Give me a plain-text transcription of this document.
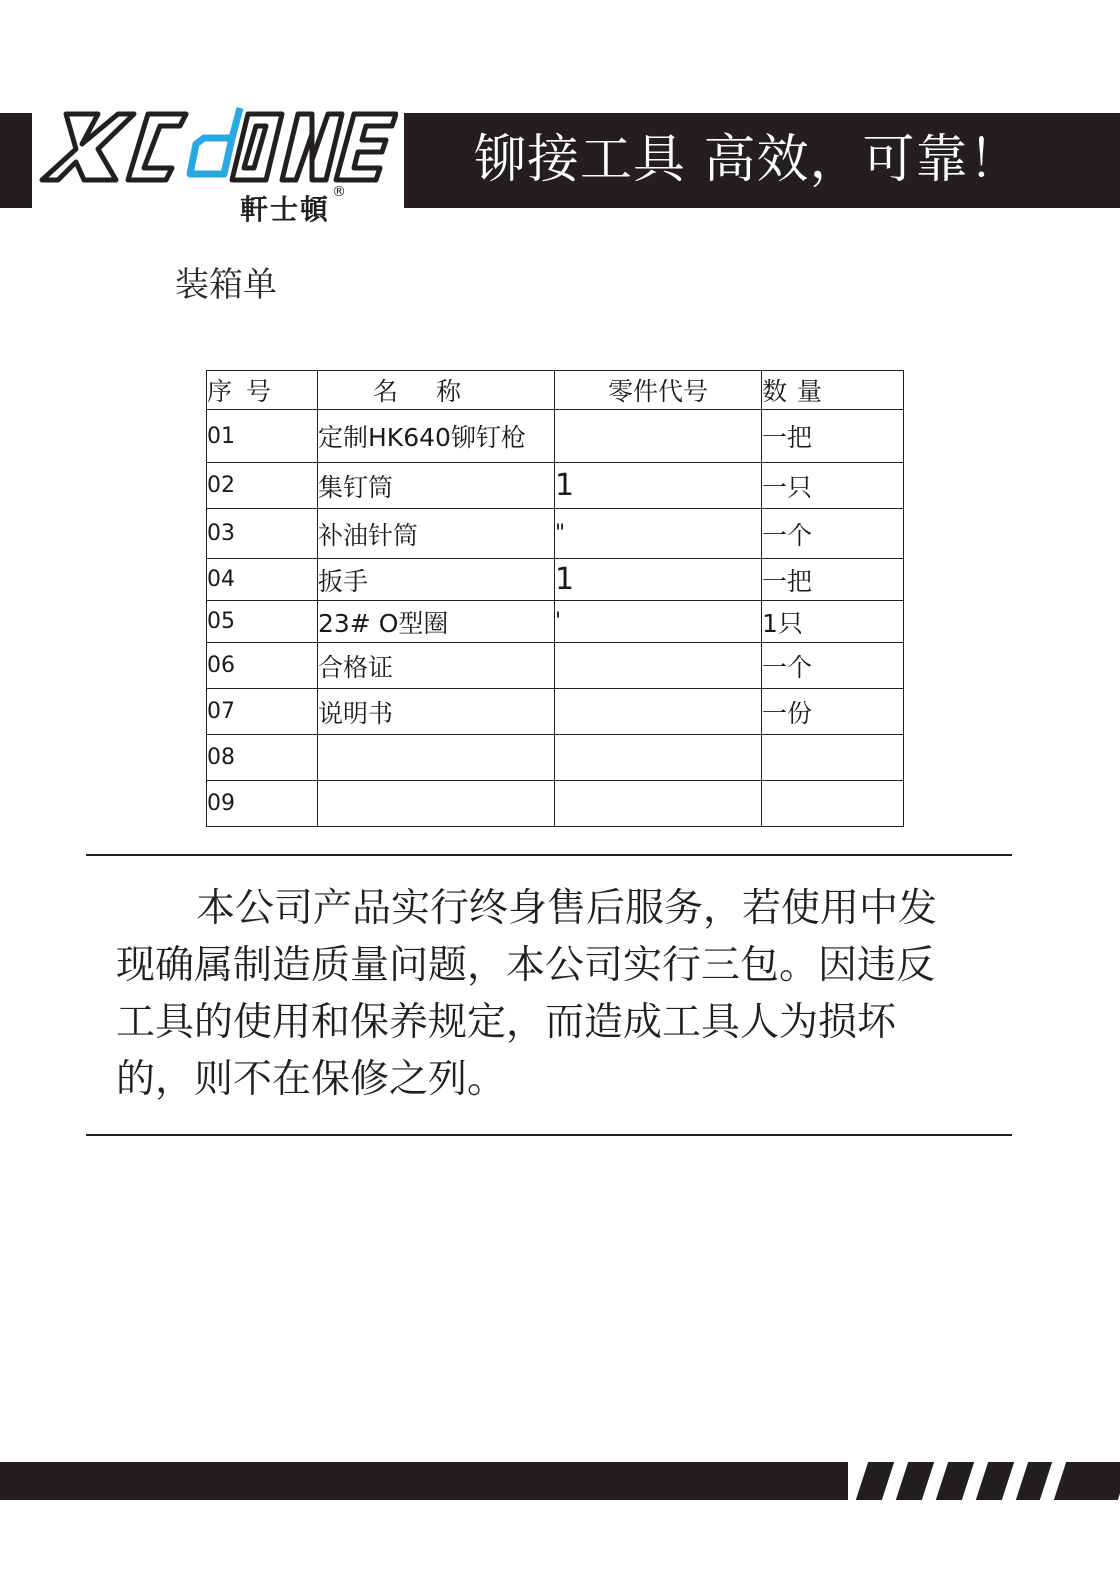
軒士頓®
铆接工具 高效，可靠！
装箱单
序号	名称	零件代号	数量
01	定制HK640铆钉枪		一把
02	集钉筒	1	一只
03	补油针筒	"	一个
04	扳手	1	一把
05	23# O型圈	'	1只
06	合格证		一个
07	说明书		一份
08			
09			

本公司产品实行终身售后服务，若使用中发
现确属制造质量问题，本公司实行三包。因违反
工具的使用和保养规定，而造成工具人为损坏
的，则不在保修之列。
